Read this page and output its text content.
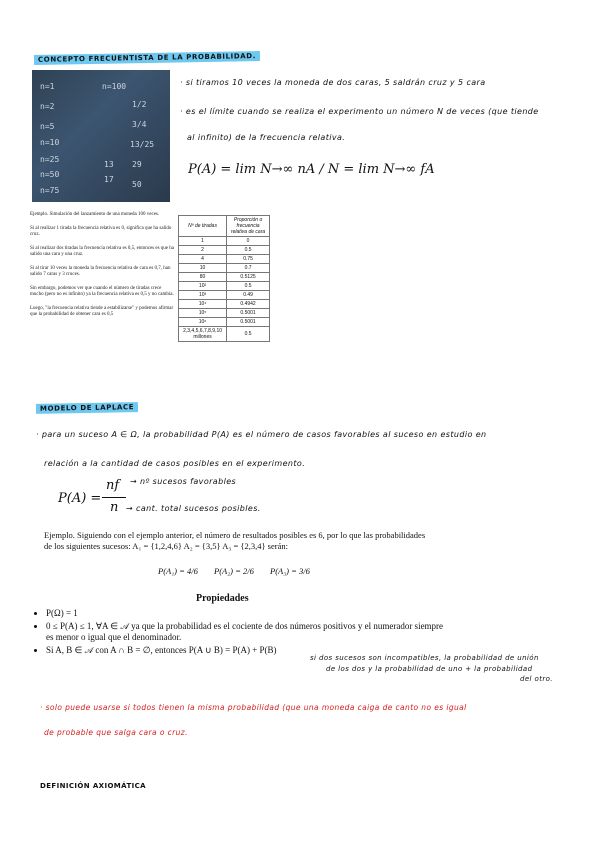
CONCEPTO FRECUENTISTA DE LA PROBABILIDAD.
n=1
n=2
n=5
n=10
n=25
n=50
n=75
n=100
1/2
3/4
13/25
13
17
29
50
· si tiramos 10 veces la moneda de dos caras, 5 saldrán cruz y 5 cara
· es el límite cuando se realiza el experimento un número N de veces (que tiende
al infinito) de la frecuencia relativa.
P(A) = lim N→∞ nA / N = lim N→∞ fA
Ejemplo. Simulación del lanzamiento de una moneda 100 veces.
Si al realizar 1 tirada la frecuencia relativa es 0, significa que ha salido cruz.
Si al realizar dos tiradas la frecuencia relativa es 0,5, entonces es que ha salido una cara y una cruz.
Si al tirar 10 veces la moneda la frecuencia relativa de cara es 0,7, han salido 7 caras y 3 cruces.
Sin embargo, podemos ver que cuando el número de tiradas crece mucho (pero no es infinito) ya la frecuencia relativa es 0,5 y no cambia.
Luego, "la frecuencia relativa tiende a estabilizarse" y podemos afirmar que la probabilidad de obtener cara es 0,5
Nº de tiradas	Proporción o frecuencia relativa de cara
1	0
2	0.5
4	0.75
10	0.7
80	0.5125
10²	0.5
10³	0.49
10⁴	0.4942
10⁵	0.5001
10⁶	0.5001
2,3,4,5,6,7,8,9,10 millones	0.5
MODELO DE LAPLACE
· para un suceso A ∈ Ω, la probabilidad P(A) es el número de casos favorables al suceso en estudio en
relación a la cantidad de casos posibles en el experimento.
P(A) =
nf
n
→ nº sucesos favorables
→ cant. total sucesos posibles.
Ejemplo. Siguiendo con el ejemplo anterior, el número de resultados posibles es 6, por lo que las probabilidades de los siguientes sucesos: A₁ = {1,2,4,6} A₂ = {3,5} A₃ = {2,3,4} serán:
P(A₁) = 4/6 P(A₂) = 2/6 P(A₃) = 3/6
Propiedades
• P(Ω) = 1
• 0 ≤ P(A) ≤ 1, ∀A ∈ 𝒜 ya que la probabilidad es el cociente de dos números positivos y el numerador siempre es menor o igual que el denominador.
• Si A, B ∈ 𝒜 con A ∩ B = ∅, entonces P(A ∪ B) = P(A) + P(B)
si dos sucesos son incompatibles, la probabilidad de unión
de los dos y la probabilidad de uno + la probabilidad
del otro.
· solo puede usarse si todos tienen la misma probabilidad (que una moneda caiga de canto no es igual
de probable que salga cara o cruz.
DEFINICIÓN AXIOMÁTICA
